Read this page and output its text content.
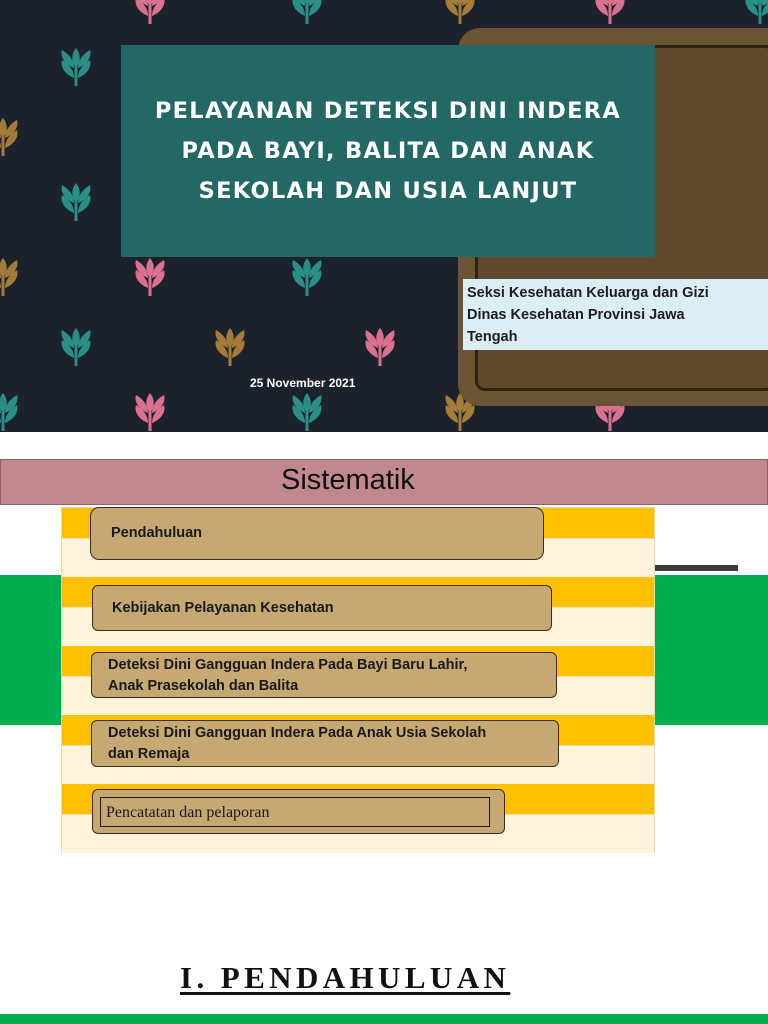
PELAYANAN DETEKSI DINI INDERA
PADA BAYI, BALITA DAN ANAK
SEKOLAH DAN USIA LANJUT
Seksi Kesehatan Keluarga dan Gizi
Dinas Kesehatan Provinsi Jawa
Tengah
25 November 2021
Sistematik
Pendahuluan
Kebijakan Pelayanan Kesehatan
Deteksi Dini Gangguan Indera Pada Bayi Baru Lahir,
Anak Prasekolah dan Balita
Deteksi Dini Gangguan Indera Pada Anak Usia Sekolah
dan Remaja
Pencatatan dan pelaporan
I. PENDAHULUAN
